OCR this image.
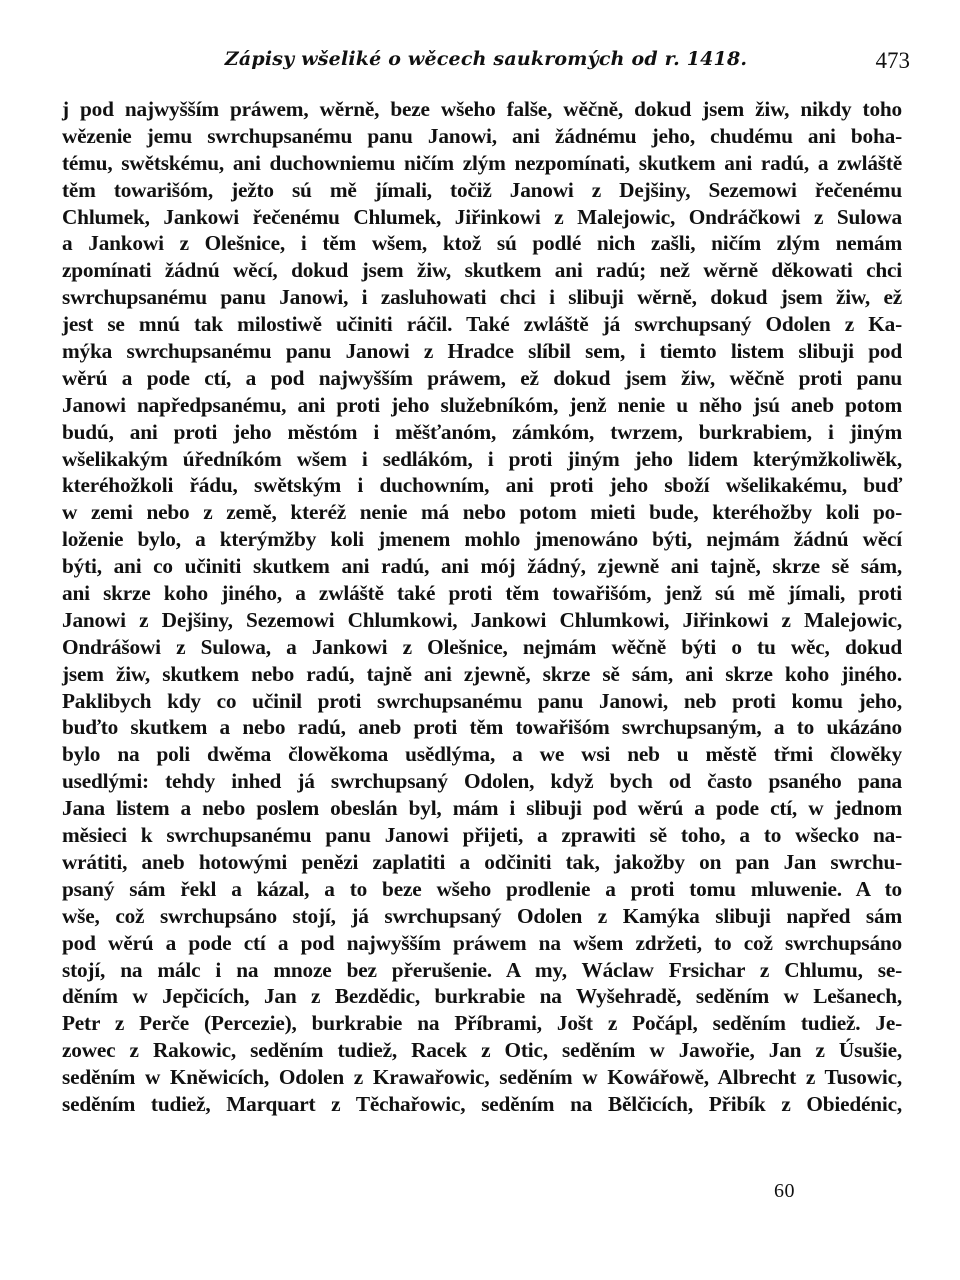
Zápisy wšeliké o wěcech saukromých od r. 1418.	473
j pod najwyšším práwem, wěrně, beze wšeho falše, wěčně, dokud jsem žiw, nikdy toho
wězenie jemu swrchupsanému panu Janowi, ani žádnému jeho, chudému ani boha-
tému, swětskému, ani duchowniemu ničím zlým nezpomínati, skutkem ani radú, a zwláště
těm towarišóm, ježto sú mě jímali, točiž Janowi z Dejšiny, Sezemowi řečenému
Chlumek, Jankowi řečenému Chlumek, Jiřinkowi z Malejowic, Ondráčkowi z Sulowa
a Jankowi z Olešnice, i těm wšem, ktož sú podlé nich zašli, ničím zlým nemám
zpomínati žádnú wěcí, dokud jsem žiw, skutkem ani radú; než wěrně děkowati chci
swrchupsanému panu Janowi, i zasluhowati chci i slibuji wěrně, dokud jsem žiw, ež
jest se mnú tak milostiwě učiniti ráčil. Také zwláště já swrchupsaný Odolen z Ka-
mýka swrchupsanému panu Janowi z Hradce slíbil sem, i tiemto listem slibuji pod
wěrú a pode ctí, a pod najwyšším práwem, ež dokud jsem žiw, wěčně proti panu
Janowi napředpsanému, ani proti jeho služebníkóm, jenž nenie u něho jsú aneb potom
budú, ani proti jeho městóm i měšťanóm, zámkóm, twrzem, burkrabiem, i jiným
wšelikakým úředníkóm wšem i sedlákóm, i proti jiným jeho lidem kterýmžkoliwěk,
kteréhožkoli řádu, swětským i duchowním, ani proti jeho sboží wšelikakému, buď
w zemi nebo z země, kteréž nenie má nebo potom mieti bude, kteréhožby koli po-
loženie bylo, a kterýmžby koli jmenem mohlo jmenowáno býti, nejmám žádnú wěcí
býti, ani co učiniti skutkem ani radú, ani mój žádný, zjewně ani tajně, skrze sě sám,
ani skrze koho jiného, a zwláště také proti těm towařišóm, jenž sú mě jímali, proti
Janowi z Dejšiny, Sezemowi Chlumkowi, Jankowi Chlumkowi, Jiřinkowi z Malejowic,
Ondrášowi z Sulowa, a Jankowi z Olešnice, nejmám wěčně býti o tu wěc, dokud
jsem žiw, skutkem nebo radú, tajně ani zjewně, skrze sě sám, ani skrze koho jiného.
Paklibych kdy co učinil proti swrchupsanému panu Janowi, neb proti komu jeho,
buďto skutkem a nebo radú, aneb proti těm towařišóm swrchupsaným, a to ukázáno
bylo na poli dwěma člowěkoma usědlýma, a we wsi neb u městě třmi člowěky
usedlými: tehdy inhed já swrchupsaný Odolen, když bych od často psaného pana
Jana listem a nebo poslem obeslán byl, mám i slibuji pod wěrú a pode ctí, w jednom
měsieci k swrchupsanému panu Janowi přijeti, a zprawiti sě toho, a to wšecko na-
wrátiti, aneb hotowými penězi zaplatiti a odčiniti tak, jakožby on pan Jan swrchu-
psaný sám řekl a kázal, a to beze wšeho prodlenie a proti tomu mluwenie. A to
wše, což swrchupsáno stojí, já swrchupsaný Odolen z Kamýka slibuji napřed sám
pod wěrú a pode ctí a pod najwyšším práwem na wšem zdržeti, to což swrchupsáno
stojí, na málc i na mnoze bez přerušenie. A my, Wáclaw Frsichar z Chlumu, se-
děním w Jepčicích, Jan z Bezdědic, burkrabie na Wyšehradě, seděním w Lešanech,
Petr z Perče (Percezie), burkrabie na Příbrami, Jošt z Počápl, seděním tudiež. Je-
zowec z Rakowic, seděním tudiež, Racek z Otic, seděním w Jawořie, Jan z Úsušie,
seděním w Kněwicích, Odolen z Krawařowic, seděním w Kowářowě, Albrecht z Tusowic,
seděním tudiež, Marquart z Těchařowic, seděním na Bělčicích, Přibík z Obiedénic,
60
